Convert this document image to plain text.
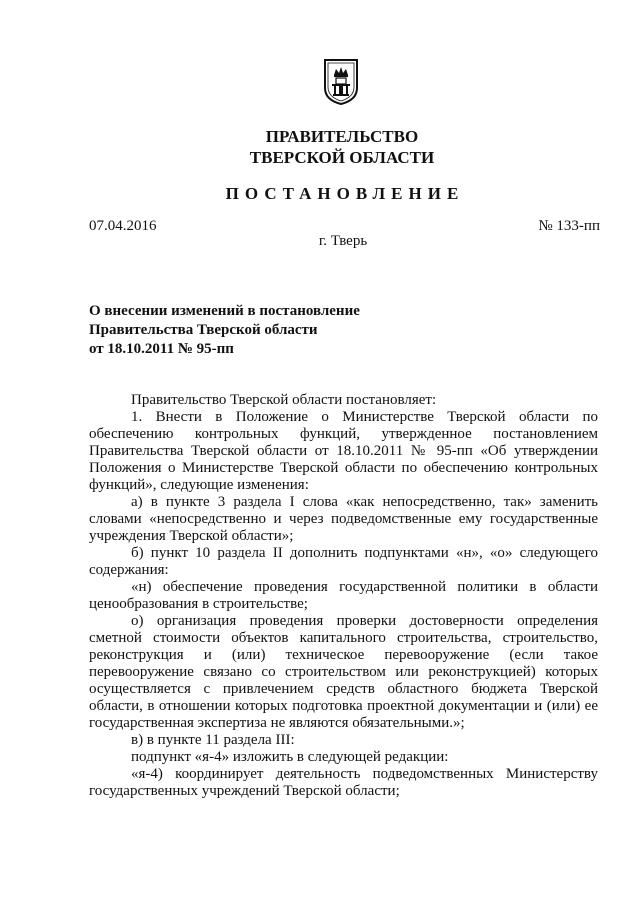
ПРАВИТЕЛЬСТВО
ТВЕРСКОЙ ОБЛАСТИ
ПОСТАНОВЛЕНИЕ
07.04.2016	№ 133-пп
г. Тверь
О внесении изменений в постановление
Правительства Тверской области
от 18.10.2011 № 95-пп

Правительство Тверской области постановляет:

1. Внести в Положение о Министерстве Тверской области по обеспечению контрольных функций, утвержденное постановлением Правительства Тверской области от 18.10.2011 № 95-пп «Об утверждении Положения о Министерстве Тверской области по обеспечению контрольных функций», следующие изменения:

а) в пункте 3 раздела I слова «как непосредственно, так» заменить словами «непосредственно и через подведомственные ему государственные учреждения Тверской области»;

б) пункт 10 раздела II дополнить подпунктами «н», «о» следующего содержания:

«н) обеспечение проведения государственной политики в области ценообразования в строительстве;

о) организация проведения проверки достоверности определения сметной стоимости объектов капитального строительства, строительство, реконструкция и (или) техническое перевооружение (если такое перевооружение связано со строительством или реконструкцией) которых осуществляется с привлечением средств областного бюджета Тверской области, в отношении которых подготовка проектной документации и (или) ее государственная экспертиза не являются обязательными.»;

в) в пункте 11 раздела III:

подпункт «я-4» изложить в следующей редакции:

«я-4) координирует деятельность подведомственных Министерству государственных учреждений Тверской области;
